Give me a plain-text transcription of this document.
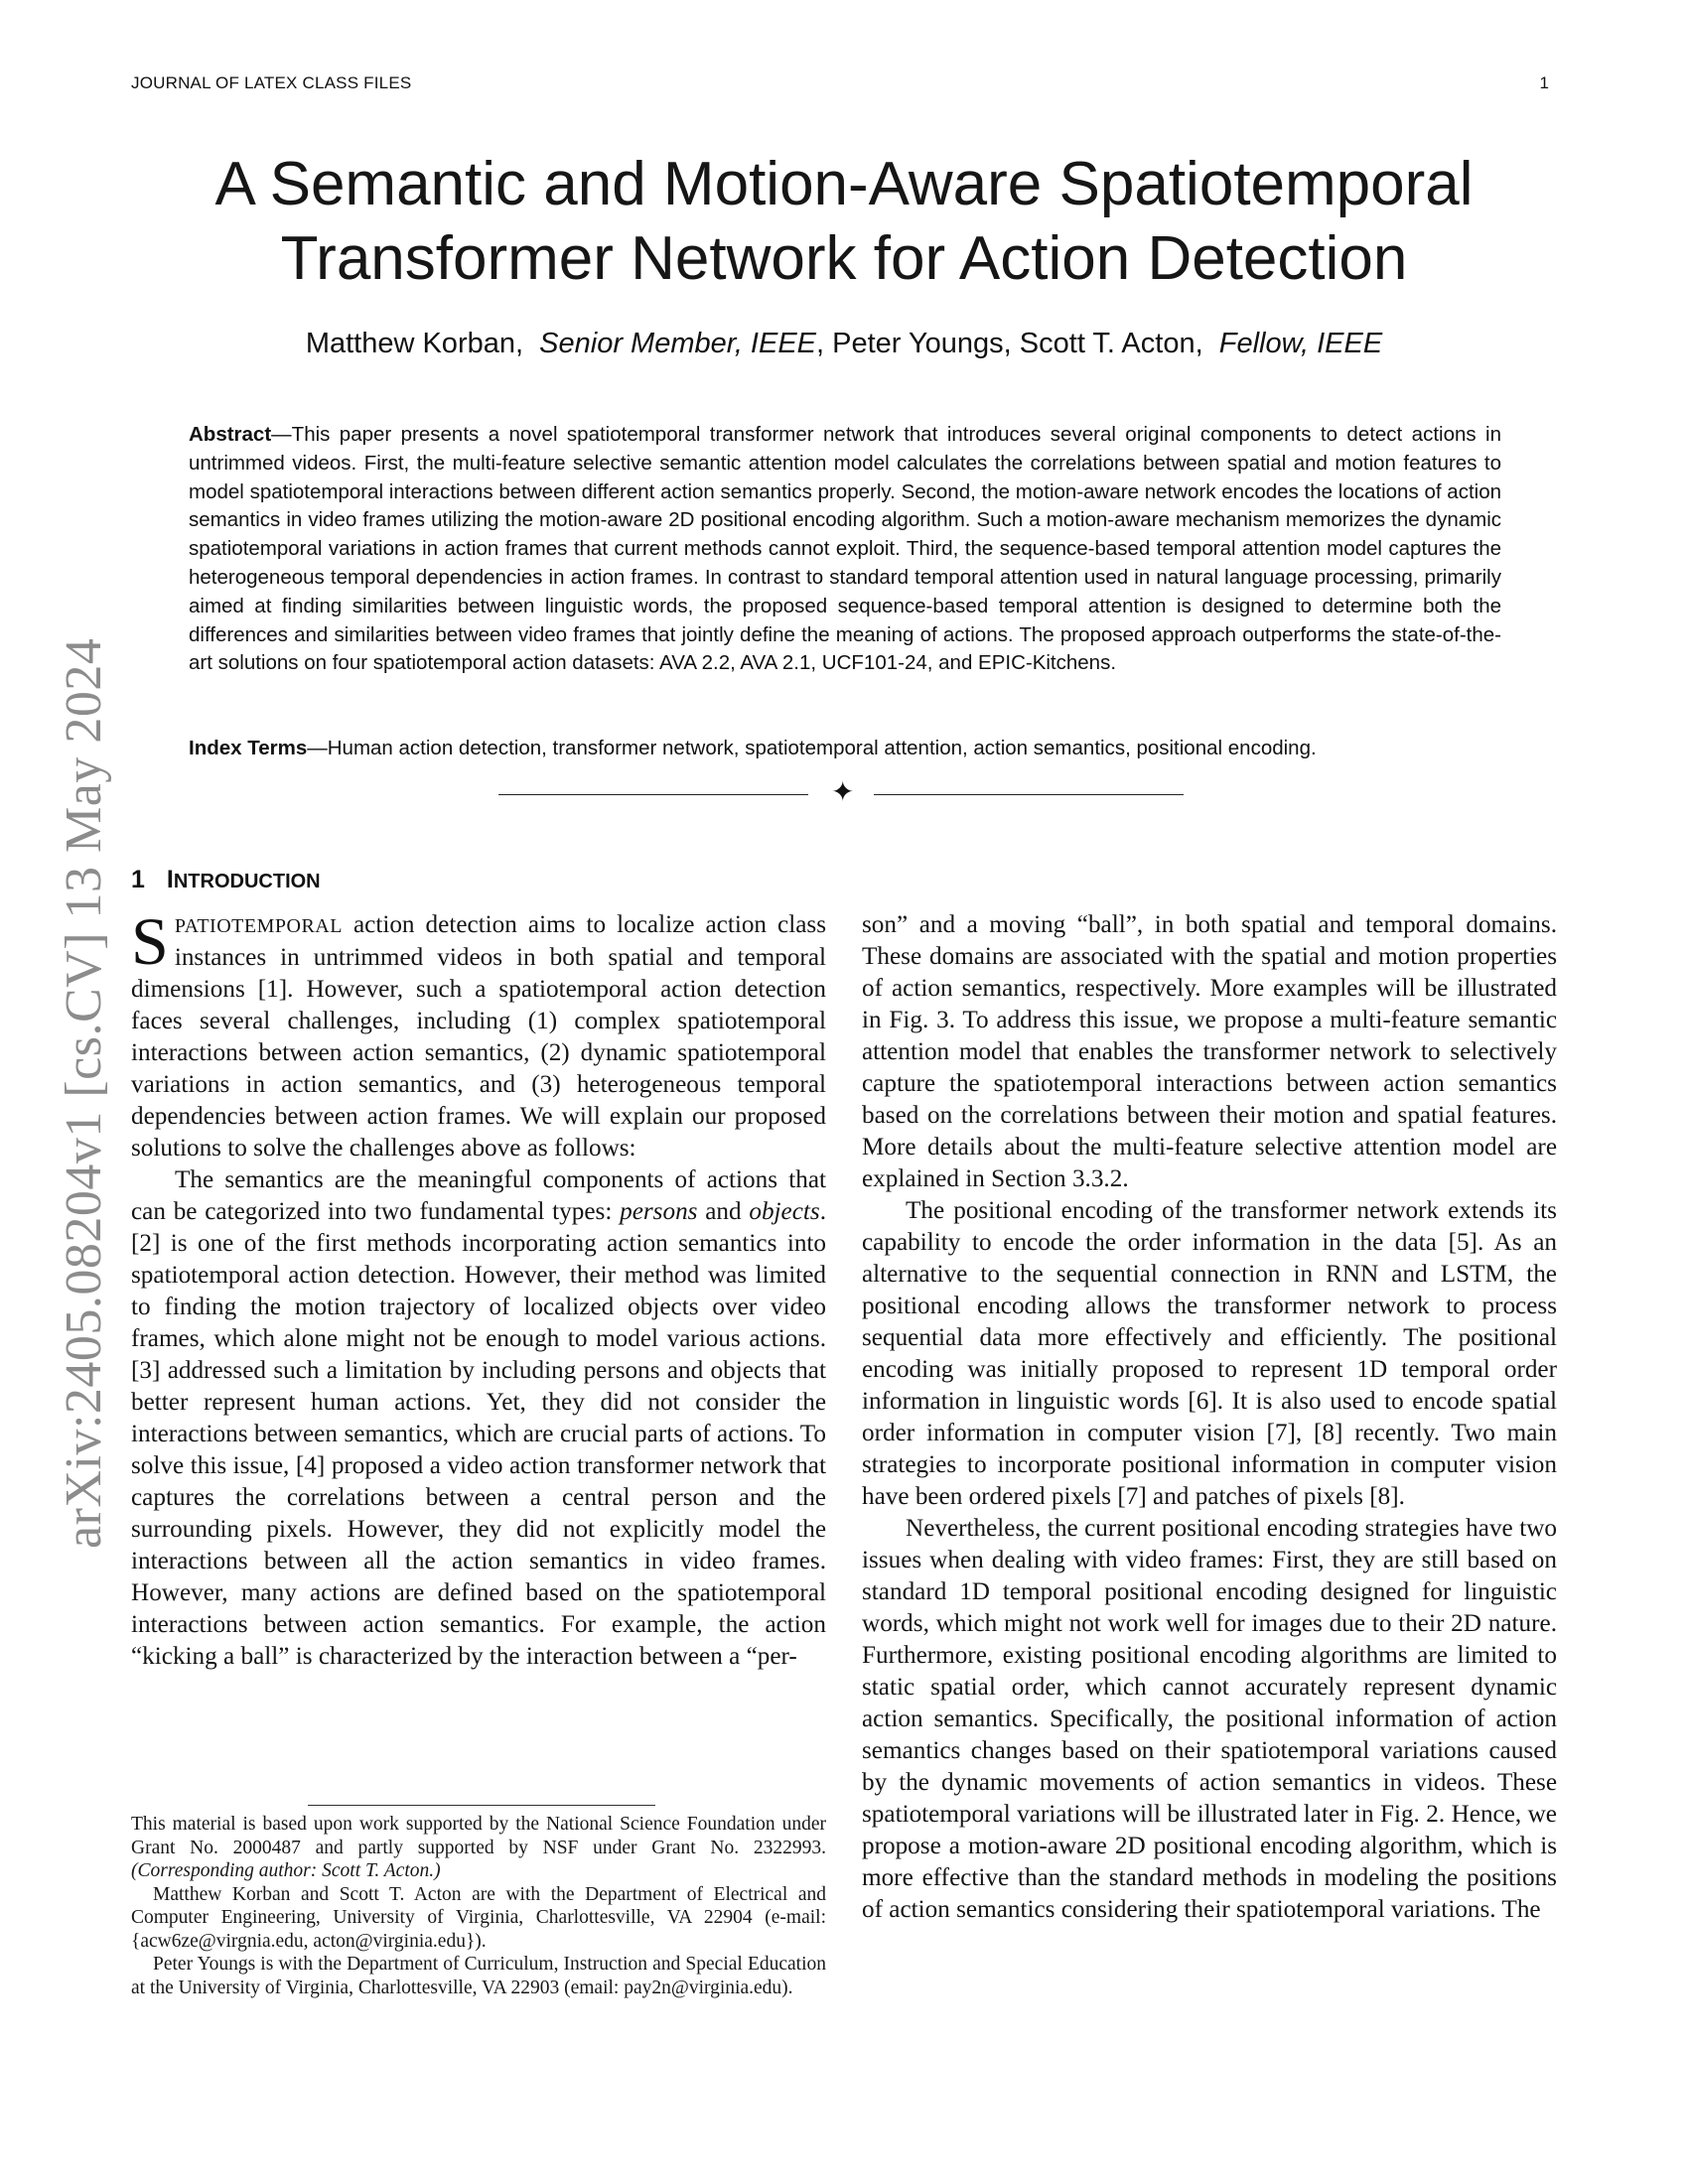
JOURNAL OF LATEX CLASS FILES	1
A Semantic and Motion-Aware Spatiotemporal
Transformer Network for Action Detection
Matthew Korban, Senior Member, IEEE, Peter Youngs, Scott T. Acton, Fellow, IEEE
Abstract—This paper presents a novel spatiotemporal transformer network that introduces several original components to detect actions in untrimmed videos. First, the multi-feature selective semantic attention model calculates the correlations between spatial and motion features to model spatiotemporal interactions between different action semantics properly. Second, the motion-aware network encodes the locations of action semantics in video frames utilizing the motion-aware 2D positional encoding algorithm. Such a motion-aware mechanism memorizes the dynamic spatiotemporal variations in action frames that current methods cannot exploit. Third, the sequence-based temporal attention model captures the heterogeneous temporal dependencies in action frames. In contrast to standard temporal attention used in natural language processing, primarily aimed at finding similarities between linguistic words, the proposed sequence-based temporal attention is designed to determine both the differences and similarities between video frames that jointly define the meaning of actions. The proposed approach outperforms the state-of-the-art solutions on four spatiotemporal action datasets: AVA 2.2, AVA 2.1, UCF101-24, and EPIC-Kitchens.
Index Terms—Human action detection, transformer network, spatiotemporal attention, action semantics, positional encoding.
✦
1 INTRODUCTION

SPATIOTEMPORAL action detection aims to localize action class instances in untrimmed videos in both spatial and temporal dimensions [1]. However, such a spatiotemporal action detection faces several challenges, including (1) complex spatiotemporal interactions between action semantics, (2) dynamic spatiotemporal variations in action semantics, and (3) heterogeneous temporal dependencies between action frames. We will explain our proposed solutions to solve the challenges above as follows:

The semantics are the meaningful components of actions that can be categorized into two fundamental types: persons and objects. [2] is one of the first methods incorporating action semantics into spatiotemporal action detection. However, their method was limited to finding the motion trajectory of localized objects over video frames, which alone might not be enough to model various actions. [3] addressed such a limitation by including persons and objects that better represent human actions. Yet, they did not consider the interactions between semantics, which are crucial parts of actions. To solve this issue, [4] proposed a video action transformer network that captures the correlations between a central person and the surrounding pixels. However, they did not explicitly model the interactions between all the action semantics in video frames. However, many actions are defined based on the spatiotemporal interactions between action semantics. For example, the action “kicking a ball” is characterized by the interaction between a “per-

This material is based upon work supported by the National Science Foundation under Grant No. 2000487 and partly supported by NSF under Grant No. 2322993. (Corresponding author: Scott T. Acton.)

Matthew Korban and Scott T. Acton are with the Department of Electrical and Computer Engineering, University of Virginia, Charlottesville, VA 22904 (e-mail: {acw6ze@virgnia.edu, acton@virginia.edu}).

Peter Youngs is with the Department of Curriculum, Instruction and Special Education at the University of Virginia, Charlottesville, VA 22903 (email: pay2n@virginia.edu).

son” and a moving “ball”, in both spatial and temporal domains. These domains are associated with the spatial and motion properties of action semantics, respectively. More examples will be illustrated in Fig. 3. To address this issue, we propose a multi-feature semantic attention model that enables the transformer network to selectively capture the spatiotemporal interactions between action semantics based on the correlations between their motion and spatial features. More details about the multi-feature selective attention model are explained in Section 3.3.2.

The positional encoding of the transformer network extends its capability to encode the order information in the data [5]. As an alternative to the sequential connection in RNN and LSTM, the positional encoding allows the transformer network to process sequential data more effectively and efficiently. The positional encoding was initially proposed to represent 1D temporal order information in linguistic words [6]. It is also used to encode spatial order information in computer vision [7], [8] recently. Two main strategies to incorporate positional information in computer vision have been ordered pixels [7] and patches of pixels [8].

Nevertheless, the current positional encoding strategies have two issues when dealing with video frames: First, they are still based on standard 1D temporal positional encoding designed for linguistic words, which might not work well for images due to their 2D nature. Furthermore, existing positional encoding algorithms are limited to static spatial order, which cannot accurately represent dynamic action semantics. Specifically, the positional information of action semantics changes based on their spatiotemporal variations caused by the dynamic movements of action semantics in videos. These spatiotemporal variations will be illustrated later in Fig. 2. Hence, we propose a motion-aware 2D positional encoding algorithm, which is more effective than the standard methods in modeling the positions of action semantics considering their spatiotemporal variations. The

arXiv:2405.08204v1 [cs.CV] 13 May 2024
